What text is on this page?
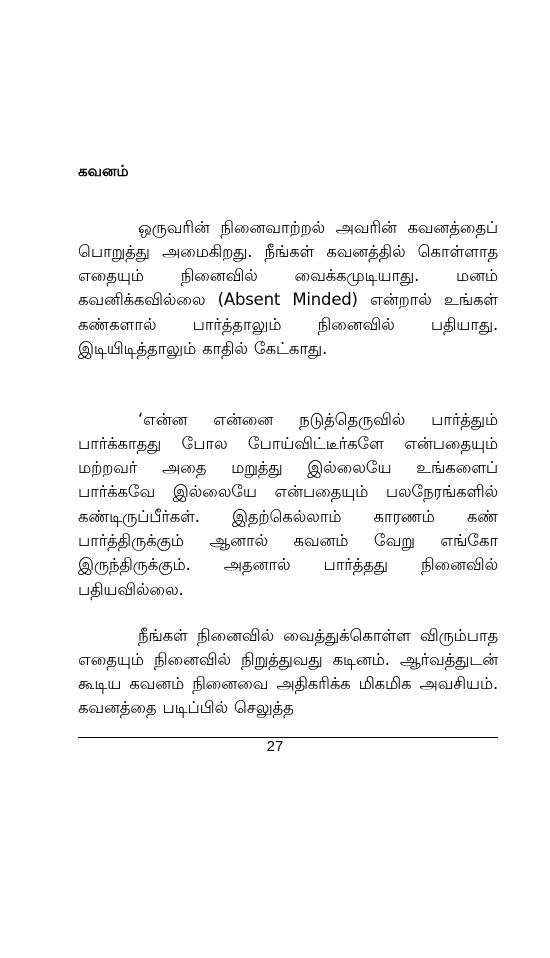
கவனம்

ஒருவரின் நினைவாற்றல் அவரின் கவனத்தைப் பொறுத்து அமைகிறது. நீங்கள் கவனத்தில் கொள்ளாத எதையும் நினைவில் வைக்கமுடியாது. மனம் கவனிக்கவில்லை (Absent Minded) என்றால் உங்கள் கண்களால் பார்த்தாலும் நினைவில் பதியாது. இடியிடித்தாலும் காதில் கேட்காது.

‘என்ன என்னை நடுத்தெருவில் பார்த்தும் பார்க்காதது போல போய்விட்டீர்களே என்பதையும் மற்றவர் அதை மறுத்து இல்லையே உங்களைப் பார்க்கவே இல்லையே என்பதையும் பலநேரங்களில் கண்டிருப்பீர்கள். இதற்கெல்லாம் காரணம் கண் பார்த்திருக்கும் ஆனால் கவனம் வேறு எங்கோ இருந்திருக்கும். அதனால் பார்த்தது நினைவில் பதியவில்லை.

நீங்கள் நினைவில் வைத்துக்கொள்ள விரும்பாத எதையும் நினைவில் நிறுத்துவது கடினம். ஆர்வத்துடன் கூடிய கவனம் நினைவை அதிகரிக்க மிகமிக அவசியம். கவனத்தை படிப்பில் செலுத்த

27
